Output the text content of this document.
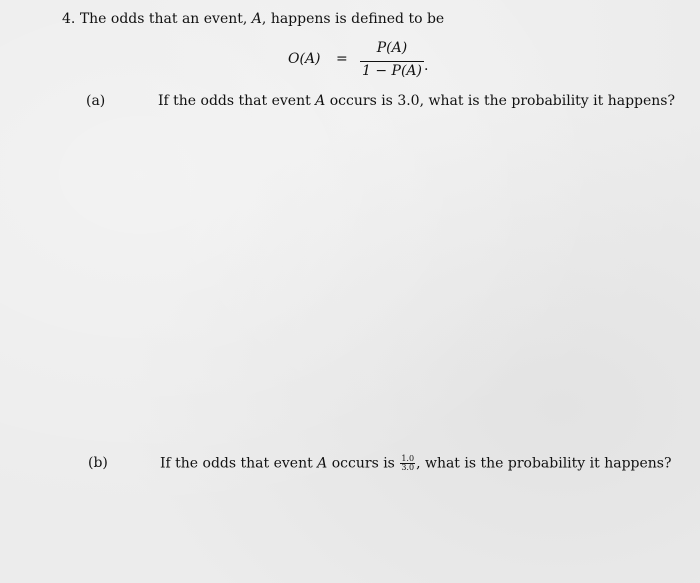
4. The odds that an event, A, happens is defined to be
O(A) =
P(A)
1 − P(A) .
(a)	If the odds that event A occurs is 3.0, what is the probability it happens?
(b)	If the odds that event A occurs is $\frac{1.0}{3.0}$ , what is the probability it happens?
